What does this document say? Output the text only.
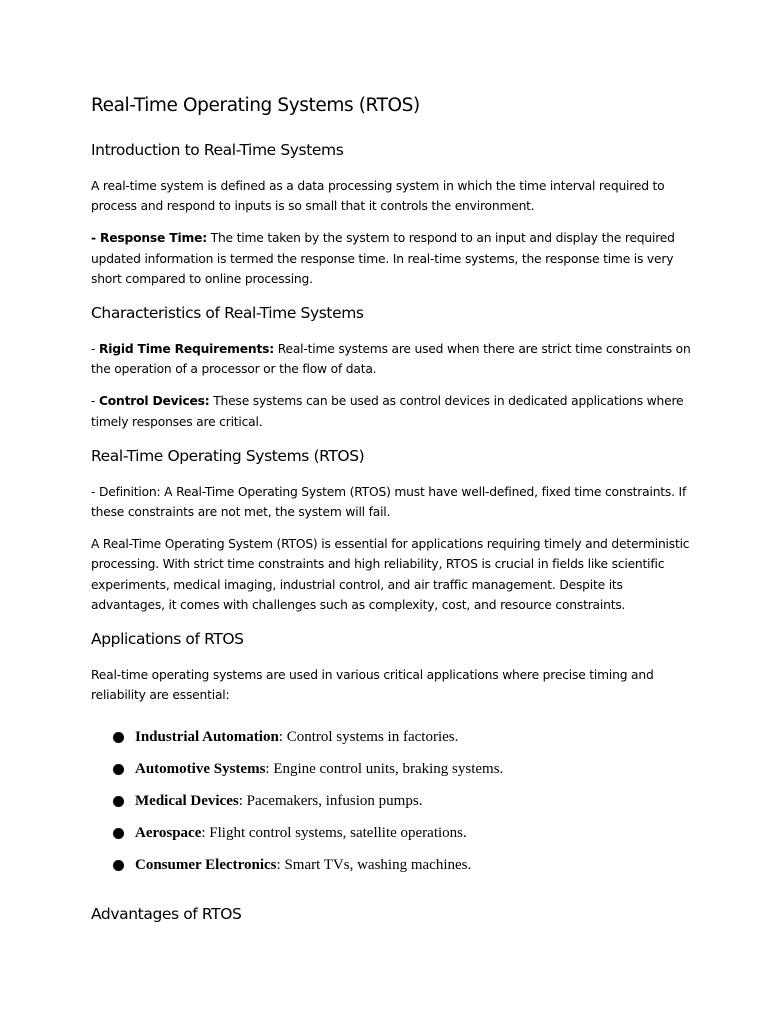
Real-Time Operating Systems (RTOS)
Introduction to Real-Time Systems

A real-time system is defined as a data processing system in which the time interval required to process and respond to inputs is so small that it controls the environment.

- Response Time: The time taken by the system to respond to an input and display the required updated information is termed the response time. In real-time systems, the response time is very short compared to online processing.

Characteristics of Real-Time Systems

- Rigid Time Requirements: Real-time systems are used when there are strict time constraints on the operation of a processor or the flow of data.

- Control Devices: These systems can be used as control devices in dedicated applications where timely responses are critical.

Real-Time Operating Systems (RTOS)

- Definition: A Real-Time Operating System (RTOS) must have well-defined, fixed time constraints. If these constraints are not met, the system will fail.

A Real-Time Operating System (RTOS) is essential for applications requiring timely and deterministic processing. With strict time constraints and high reliability, RTOS is crucial in fields like scientific experiments, medical imaging, industrial control, and air traffic management. Despite its advantages, it comes with challenges such as complexity, cost, and resource constraints.

Applications of RTOS

Real-time operating systems are used in various critical applications where precise timing and reliability are essential:

Industrial Automation: Control systems in factories.
Automotive Systems: Engine control units, braking systems.
Medical Devices: Pacemakers, infusion pumps.
Aerospace: Flight control systems, satellite operations.
Consumer Electronics: Smart TVs, washing machines.
Advantages of RTOS
